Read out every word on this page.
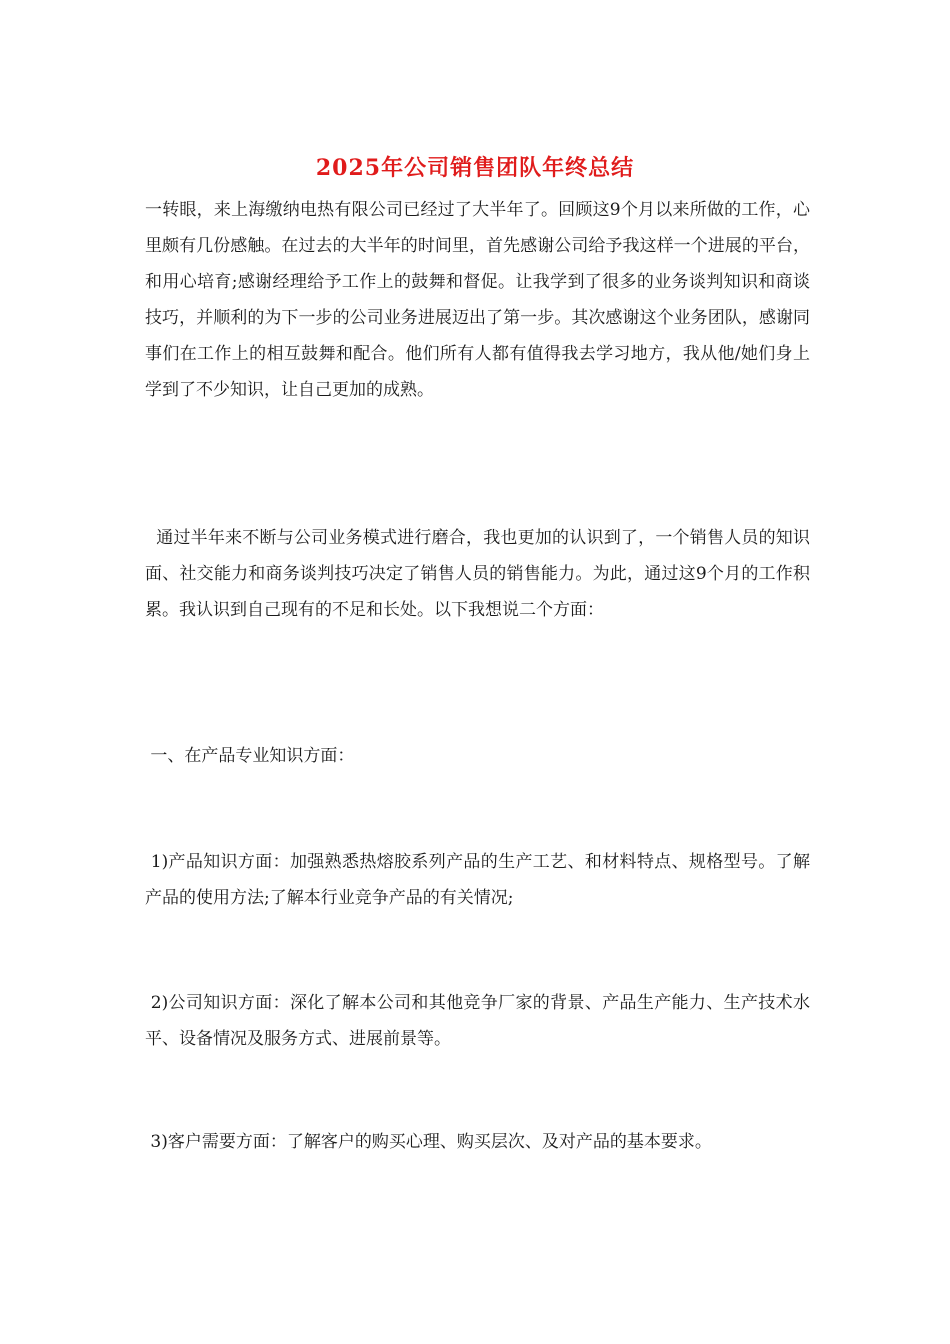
2025年公司销售团队年终总结

一转眼，来上海缴纳电热有限公司已经过了大半年了。回顾这9个月以来所做的工作，心里颇有几份感触。在过去的大半年的时间里，首先感谢公司给予我这样一个进展的平台，和用心培育;感谢经理给予工作上的鼓舞和督促。让我学到了很多的业务谈判知识和商谈技巧，并顺利的为下一步的公司业务进展迈出了第一步。其次感谢这个业务团队，感谢同事们在工作上的相互鼓舞和配合。他们所有人都有值得我去学习地方，我从他/她们身上学到了不少知识，让自己更加的成熟。

通过半年来不断与公司业务模式进行磨合，我也更加的认识到了，一个销售人员的知识面、社交能力和商务谈判技巧决定了销售人员的销售能力。为此，通过这9个月的工作积累。我认识到自己现有的不足和长处。以下我想说二个方面：

一、在产品专业知识方面：

1)产品知识方面：加强熟悉热熔胶系列产品的生产工艺、和材料特点、规格型号。了解产品的使用方法;了解本行业竞争产品的有关情况;

2)公司知识方面：深化了解本公司和其他竞争厂家的背景、产品生产能力、生产技术水平、设备情况及服务方式、进展前景等。

3)客户需要方面：了解客户的购买心理、购买层次、及对产品的基本要求。
